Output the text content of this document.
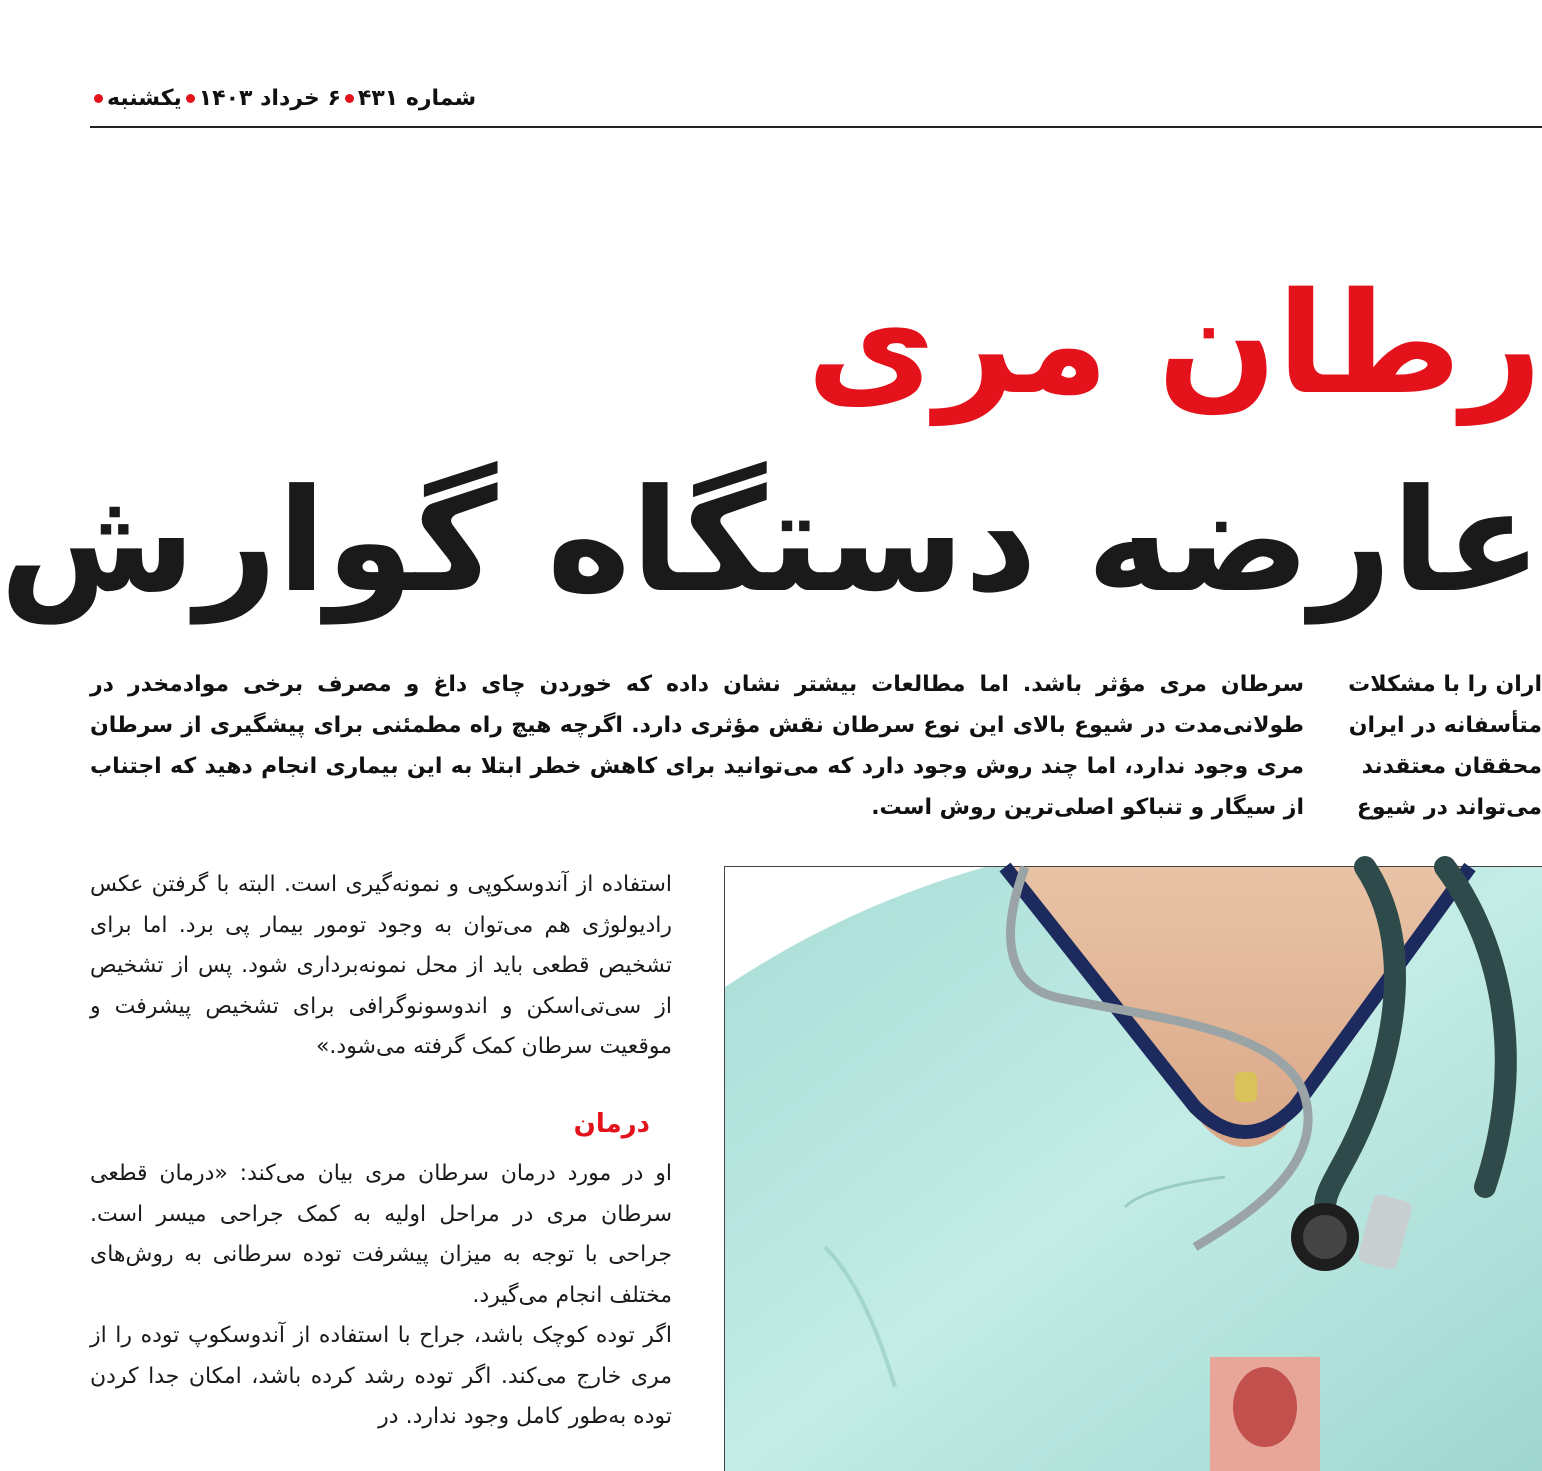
شماره ۴۳۱
۶ خرداد ۱۴۰۳
یکشنبه
رطان مری
عارضه دستگاه گوارش
اران را با مشکلات
متأسفانه در ایران
محققان معتقدند
می‌تواند در شیوع
سرطان مری مؤثر باشد. اما مطالعات بیشتر نشان داده که خوردن چای داغ و مصرف برخی موادمخدر در طولانی‌مدت در شیوع بالای این نوع سرطان نقش مؤثری دارد. اگرچه هیچ راه مطمئنی برای پیشگیری از سرطان مری وجود ندارد، اما چند روش وجود دارد که می‌توانید برای کاهش خطر ابتلا به این بیماری انجام دهید که اجتناب از سیگار و تنباکو اصلی‌ترین روش است.

استفاده از آندوسکوپی و نمونه‌گیری است. البته با گرفتن عکس رادیولوژی هم می‌توان به وجود تومور بیمار پی برد. اما برای تشخیص قطعی باید از محل نمونه‌برداری شود. پس از تشخیص از سی‌تی‌اسکن و اندوسونوگرافی برای تشخیص پیشرفت و موقعیت سرطان کمک گرفته می‌شود.»

درمان

او در مورد درمان سرطان مری بیان می‌کند: «درمان قطعی سرطان مری در مراحل اولیه به کمک جراحی میسر است. جراحی با توجه به میزان پیشرفت توده سرطانی به روش‌های مختلف انجام می‌گیرد.

اگر توده کوچک باشد، جراح با استفاده از آندوسکوپ توده را از مری خارج می‌کند. اگر توده رشد کرده باشد، امکان جدا کردن توده به‌طور کامل وجود ندارد. در
